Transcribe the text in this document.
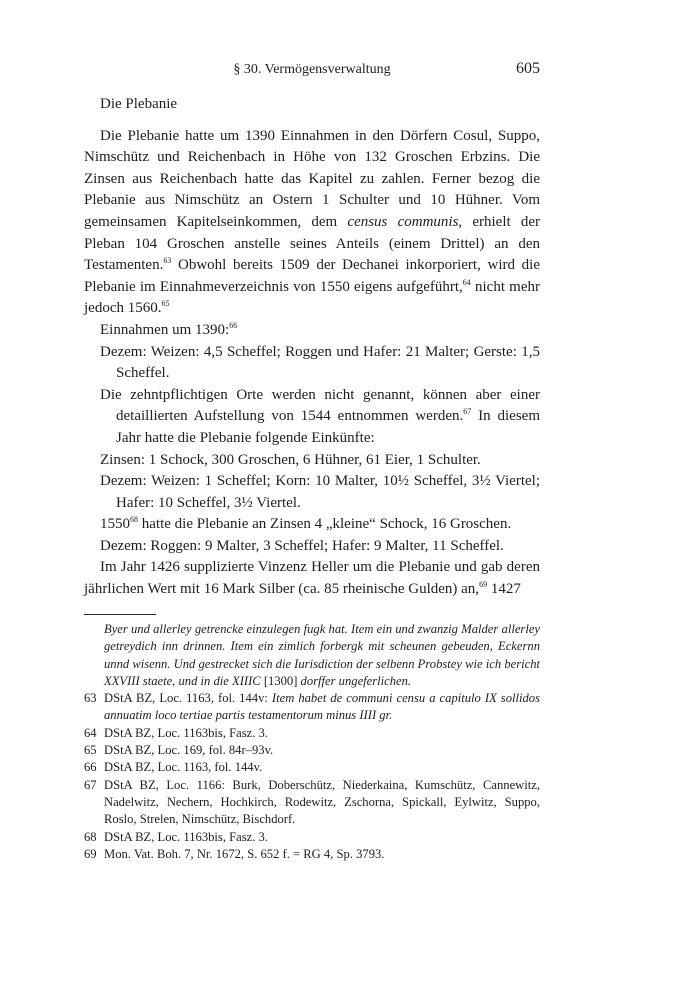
§ 30. Vermögensverwaltung	605

Die Plebanie

Die Plebanie hatte um 1390 Einnahmen in den Dörfern Cosul, Suppo, Nimschütz und Reichenbach in Höhe von 132 Groschen Erbzins. Die Zinsen aus Reichenbach hatte das Kapitel zu zahlen. Ferner bezog die Plebanie aus Nimschütz an Ostern 1 Schulter und 10 Hühner. Vom gemeinsamen Kapitelseinkommen, dem census communis, erhielt der Pleban 104 Groschen anstelle seines Anteils (einem Drittel) an den Testamenten.$^{63}$ Obwohl bereits 1509 der Dechanei inkorporiert, wird die Plebanie im Einnahmeverzeichnis von 1550 eigens aufgeführt,$^{64}$ nicht mehr jedoch 1560.65

Einnahmen um 1390:$^{66}$

Dezem: Weizen: 4,5 Scheffel; Roggen und Hafer: 21 Malter; Gerste: 1,5 Scheffel.

Die zehntpflichtigen Orte werden nicht genannt, können aber einer detaillierten Aufstellung von 1544 entnommen werden.$^{67}$ In diesem Jahr hatte die Plebanie folgende Einkünfte:

Zinsen: 1 Schock, 300 Groschen, 6 Hühner, 61 Eier, 1 Schulter.

Dezem: Weizen: 1 Scheffel; Korn: 10 Malter, 10½ Scheffel, 3½ Viertel; Hafer: 10 Scheffel, 3½ Viertel.

1550$^{68}$ hatte die Plebanie an Zinsen 4 „kleine“ Schock, 16 Groschen.

Dezem: Roggen: 9 Malter, 3 Scheffel; Hafer: 9 Malter, 11 Scheffel.

Im Jahr 1426 supplizierte Vinzenz Heller um die Plebanie und gab deren jährlichen Wert mit 16 Mark Silber (ca. 85 rheinische Gulden) an,$^{69}$ 1427

Byer und allerley getrencke einzulegen fugk hat. Item ein und zwanzig Malder allerley getreydich inn drinnen. Item ein zimlich forbergk mit scheunen gebeuden, Eckernn unnd wisenn. Und gestrecket sich die Iurisdiction der selbenn Probstey wie ich bericht XXVIII staete, und in die XIIIC [1300] dorffer ungeferlichen.

63 DStA BZ, Loc. 1163, fol. 144v: Item habet de communi censu a capitulo IX sollidos annuatim loco tertiae partis testamentorum minus IIII gr.

64 DStA BZ, Loc. 1163bis, Fasz. 3.

65 DStA BZ, Loc. 169, fol. 84r–93v.

66 DStA BZ, Loc. 1163, fol. 144v.

67 DStA BZ, Loc. 1166: Burk, Doberschütz, Niederkaina, Kumschütz, Cannewitz, Nadelwitz, Nechern, Hochkirch, Rodewitz, Zschorna, Spickall, Eylwitz, Suppo, Roslo, Strelen, Nimschütz, Bischdorf.

68 DStA BZ, Loc. 1163bis, Fasz. 3.

69 Mon. Vat. Boh. 7, Nr. 1672, S. 652 f. = RG 4, Sp. 3793.
